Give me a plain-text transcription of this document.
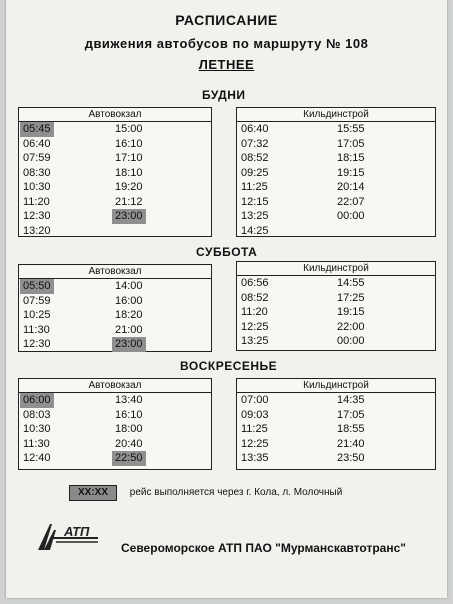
РАСПИСАНИЕ
движения автобусов по маршруту № 108
ЛЕТНЕЕ
БУДНИ
Автовокзал
05:45	15:00
06:40	16:10
07:59	17:10
08:30	18:10
10:30	19:20
11:20	21:12
12:30	23:00
13:20
Кильдинстрой
06:40	15:55
07:32	17:05
08:52	18:15
09:25	19:15
11:25	20:14
12:15	22:07
13:25	00:00
14:25
СУББОТА
Автовокзал
05:50	14:00
07:59	16:00
10:25	18:20
11:30	21:00
12:30	23:00
Кильдинстрой
06:56	14:55
08:52	17:25
11:20	19:15
12:25	22:00
13:25	00:00
ВОСКРЕСЕНЬЕ
Автовокзал
06:00	13:40
08:03	16:10
10:30	18:00
11:30	20:40
12:40	22:50
Кильдинстрой
07:00	14:35
09:03	17:05
11:25	18:55
12:25	21:40
13:35	23:50
XX:XX рейс выполняется через г. Кола, л. Молочный
АТП
Североморское АТП ПАО "Мурманскавтотранс"
